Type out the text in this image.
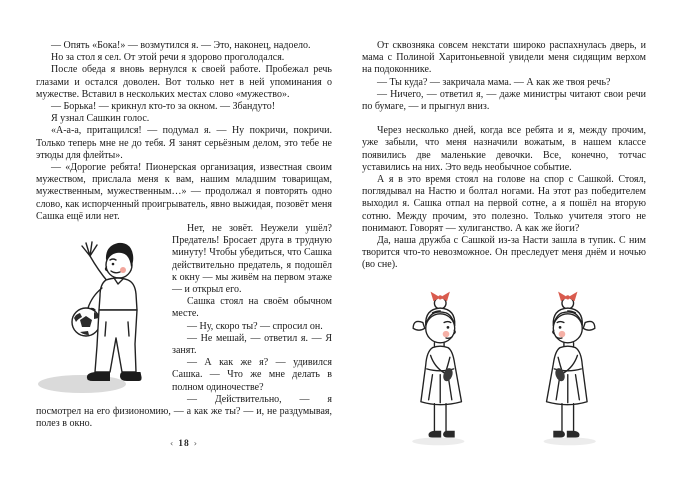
— Опять «Бока!» — возмутился я. — Это, наконец, надоело.

Но за стол я сел. От этой речи я здорово проголодался.

После обеда я вновь вернулся к своей работе. Пробежал речь глазами и остался доволен. Вот только нет в ней упоминания о мужестве. Вставил в нескольких местах слово «мужество».

— Борька! — крикнул кто-то за окном. — Збандуто!

Я узнал Сашкин голос.

«А-а-а, притащился! — подумал я. — Ну покричи, покричи. Только теперь мне не до тебя. Я занят серьёзным делом, это тебе не этюды для флейты».

— «Дорогие ребята! Пионерская организация, известная своим мужеством, прислала меня к вам, нашим младшим товарищам, мужественным, мужественным…» — продолжал я повторять одно слово, как испорченный проигрыватель, явно выжидая, позовёт меня Сашка ещё или нет.

Нет, не зовёт. Неужели ушёл? Предатель! Бросает друга в трудную минуту! Чтобы убедиться, что Сашка действительно предатель, я подошёл к окну — мы живём на первом этаже — и открыл его.

Сашка стоял на своём обычном месте.

— Ну, скоро ты? — спросил он.

— Не мешай, — ответил я. — Я занят.

— А как же я? — удивился Сашка. — Что же мне делать в полном одиночестве?

— Действительно, — я посмотрел на его физиономию, — а как же ты? — и, не раздумывая, полез в окно.

‹ 18 ›

От сквозняка совсем некстати широко распахнулась дверь, и мама с Полиной Харитоньевной увидели меня сидящим верхом на подоконнике.

— Ты куда? — закричала мама. — А как же твоя речь?

— Ничего, — ответил я, — даже министры читают свои речи по бумаге, — и прыгнул вниз.

Через несколько дней, когда все ребята и я, между прочим, уже забыли, что меня назначили вожатым, в нашем классе появились две маленькие девочки. Все, конечно, тотчас уставились на них. Это ведь необычное событие.

А я в это время стоял на голове на спор с Сашкой. Стоял, поглядывал на Настю и болтал ногами. На этот раз победителем выходил я. Сашка отпал на первой сотне, а я пошёл на вторую сотню. Между прочим, это полезно. Только учителя этого не понимают. Говорят — хулиганство. А как же йоги?

Да, наша дружба с Сашкой из-за Насти зашла в тупик. С ним творится что-то невозможное. Он преследует меня днём и ночью (во сне).
